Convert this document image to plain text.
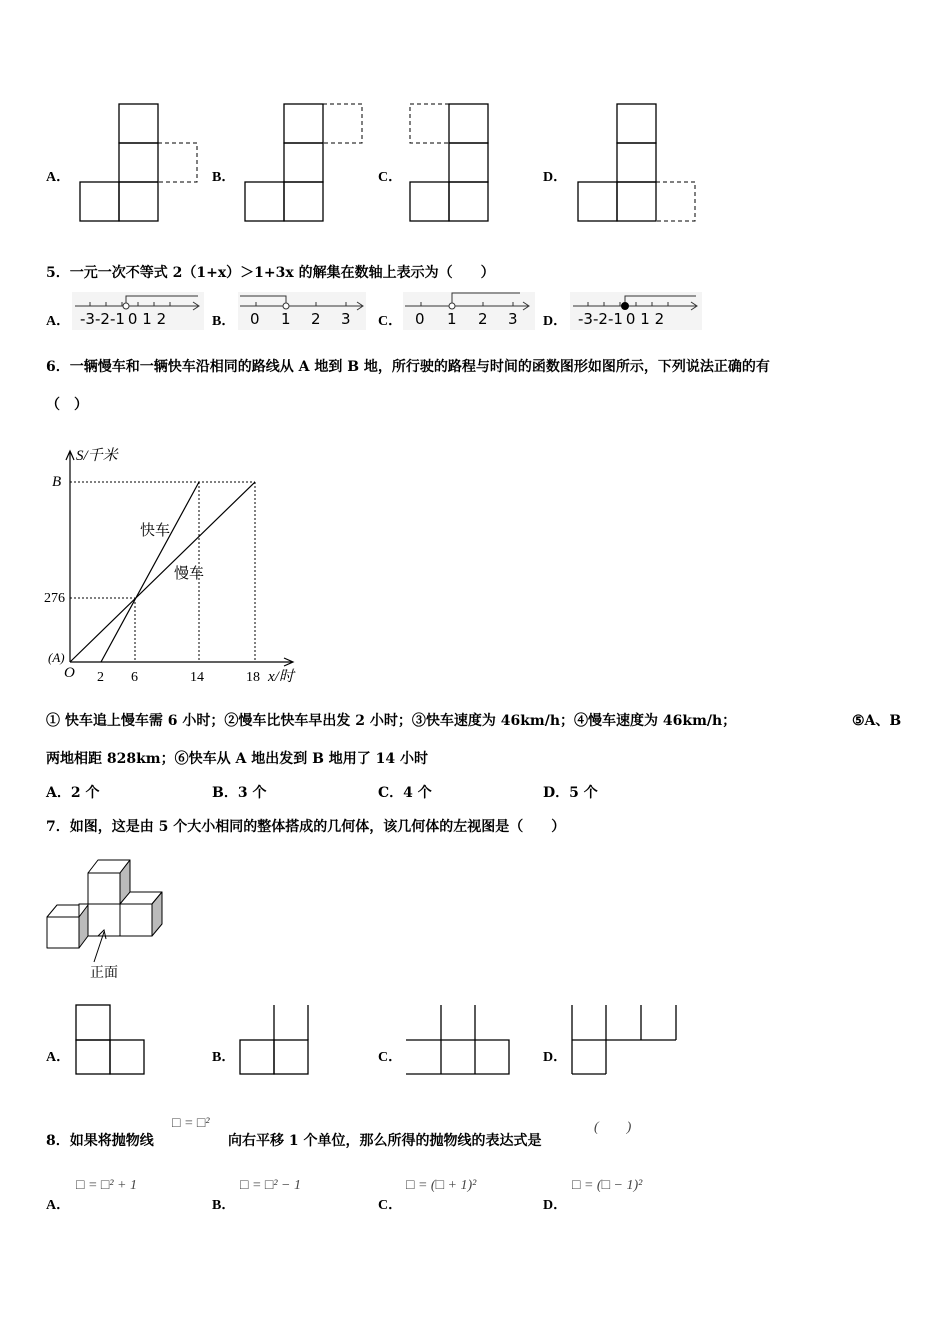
A．	B．	C．	D．
5．一元一次不等式 2（1+x）＞1+3x 的解集在数轴上表示为（　　）
A．	B．	C．	D．
-3-2-1  0 1 2	0 1 2 3	0 1 2 3	-3-2-1  0 1 2
6．一辆慢车和一辆快车沿相同的路线从 A 地到 B 地，所行驶的路程与时间的函数图形如图所示，下列说法正确的有
（　）
S/千米
B
276
(A)
O 2 6	14	18 x/时
快车
慢车
① 快车追上慢车需 6 小时；②慢车比快车早出发 2 小时；③快车速度为 46km/h；④慢车速度为 46km/h；	⑤A、B
两地相距 828km；⑥快车从 A 地出发到 B 地用了 14 小时
A．2 个	B．3 个	C．4 个	D．5 个
7．如图，这是由 5 个大小相同的整体搭成的几何体，该几何体的左视图是（　　）
正面
A．	B．	C．	D．
8．如果将抛物线
□ = □²
向右平移 1 个单位，那么所得的抛物线的表达式是
(　　)
A．
□ = □² + 1
B．
□ = □² − 1
C．
□ = (□ + 1)²
D．
□ = (□ − 1)²
